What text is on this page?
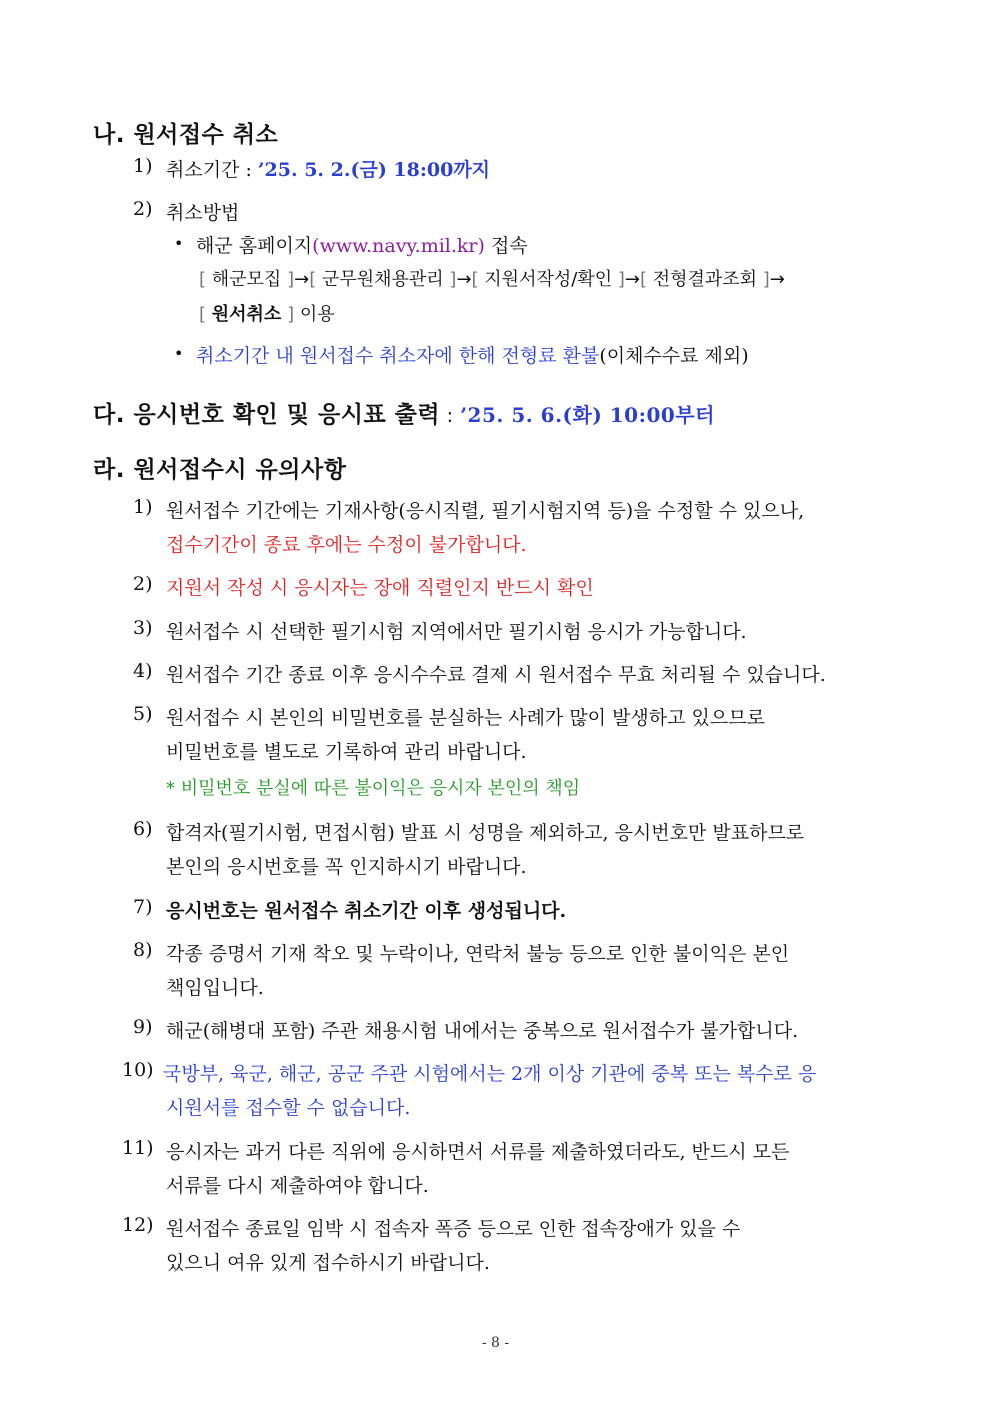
나. 원서접수 취소
1) 취소기간 : ’25. 5. 2.(금) 18:00까지
2) 취소방법
• 해군 홈페이지(www.navy.mil.kr) 접속
[ 해군모집 ]→[ 군무원채용관리 ]→[ 지원서작성/확인 ]→[ 전형결과조회 ]→
[ 원서취소 ] 이용
• 취소기간 내 원서접수 취소자에 한해 전형료 환불(이체수수료 제외)
다. 응시번호 확인 및 응시표 출력 : ’25. 5. 6.(화) 10:00부터
라. 원서접수시 유의사항
1) 원서접수 기간에는 기재사항(응시직렬, 필기시험지역 등)을 수정할 수 있으나,
접수기간이 종료 후에는 수정이 불가합니다.
2) 지원서 작성 시 응시자는 장애 직렬인지 반드시 확인
3) 원서접수 시 선택한 필기시험 지역에서만 필기시험 응시가 가능합니다.
4) 원서접수 기간 종료 이후 응시수수료 결제 시 원서접수 무효 처리될 수 있습니다.
5) 원서접수 시 본인의 비밀번호를 분실하는 사례가 많이 발생하고 있으므로
비밀번호를 별도로 기록하여 관리 바랍니다.
* 비밀번호 분실에 따른 불이익은 응시자 본인의 책임
6) 합격자(필기시험, 면접시험) 발표 시 성명을 제외하고, 응시번호만 발표하므로
본인의 응시번호를 꼭 인지하시기 바랍니다.
7) 응시번호는 원서접수 취소기간 이후 생성됩니다.
8) 각종 증명서 기재 착오 및 누락이나, 연락처 불능 등으로 인한 불이익은 본인
책임입니다.
9) 해군(해병대 포함) 주관 채용시험 내에서는 중복으로 원서접수가 불가합니다.
10) 국방부, 육군, 해군, 공군 주관 시험에서는 2개 이상 기관에 중복 또는 복수로 응
시원서를 접수할 수 없습니다.
11) 응시자는 과거 다른 직위에 응시하면서 서류를 제출하였더라도, 반드시 모든
서류를 다시 제출하여야 합니다.
12) 원서접수 종료일 임박 시 접속자 폭증 등으로 인한 접속장애가 있을 수
있으니 여유 있게 접수하시기 바랍니다.
- 8 -
